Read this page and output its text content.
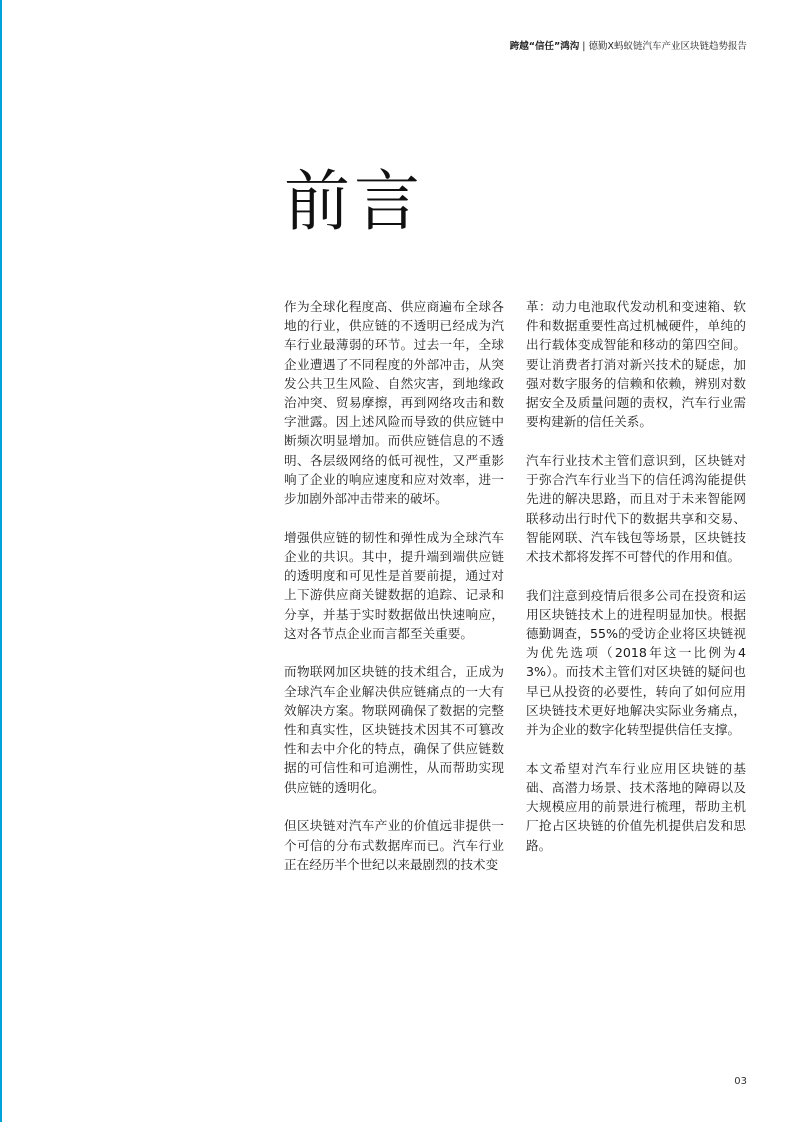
跨越“信任”鸿沟 | 德勤X蚂蚁链汽车产业区块链趋势报告
前言

作为全球化程度高、供应商遍布全球各地的行业，供应链的不透明已经成为汽车行业最薄弱的环节。过去一年，全球企业遭遇了不同程度的外部冲击，从突发公共卫生风险、自然灾害，到地缘政治冲突、贸易摩擦，再到网络攻击和数字泄露。因上述风险而导致的供应链中断频次明显增加。而供应链信息的不透明、各层级网络的低可视性，又严重影响了企业的响应速度和应对效率，进一步加剧外部冲击带来的破坏。

增强供应链的韧性和弹性成为全球汽车企业的共识。其中，提升端到端供应链的透明度和可见性是首要前提，通过对上下游供应商关键数据的追踪、记录和分享，并基于实时数据做出快速响应，这对各节点企业而言都至关重要。

而物联网加区块链的技术组合，正成为全球汽车企业解决供应链痛点的一大有效解决方案。物联网确保了数据的完整性和真实性，区块链技术因其不可篡改性和去中介化的特点，确保了供应链数据的可信性和可追溯性，从而帮助实现供应链的透明化。

但区块链对汽车产业的价值远非提供一个可信的分布式数据库而已。汽车行业正在经历半个世纪以来最剧烈的技术变

革：动力电池取代发动机和变速箱、软件和数据重要性高过机械硬件，单纯的出行载体变成智能和移动的第四空间。要让消费者打消对新兴技术的疑虑，加强对数字服务的信赖和依赖，辨别对数据安全及质量问题的责权，汽车行业需要构建新的信任关系。

汽车行业技术主管们意识到，区块链对于弥合汽车行业当下的信任鸿沟能提供先进的解决思路，而且对于未来智能网联移动出行时代下的数据共享和交易、智能网联、汽车钱包等场景，区块链技术技术都将发挥不可替代的作用和值。

我们注意到疫情后很多公司在投资和运用区块链技术上的进程明显加快。根据德勤调查，55%的受访企业将区块链视为优先选项（2018年这一比例为43%）。而技术主管们对区块链的疑问也早已从投资的必要性，转向了如何应用区块链技术更好地解决实际业务痛点，并为企业的数字化转型提供信任支撑。

本文希望对汽车行业应用区块链的基础、高潜力场景、技术落地的障碍以及大规模应用的前景进行梳理，帮助主机厂抢占区块链的价值先机提供启发和思路。

03
